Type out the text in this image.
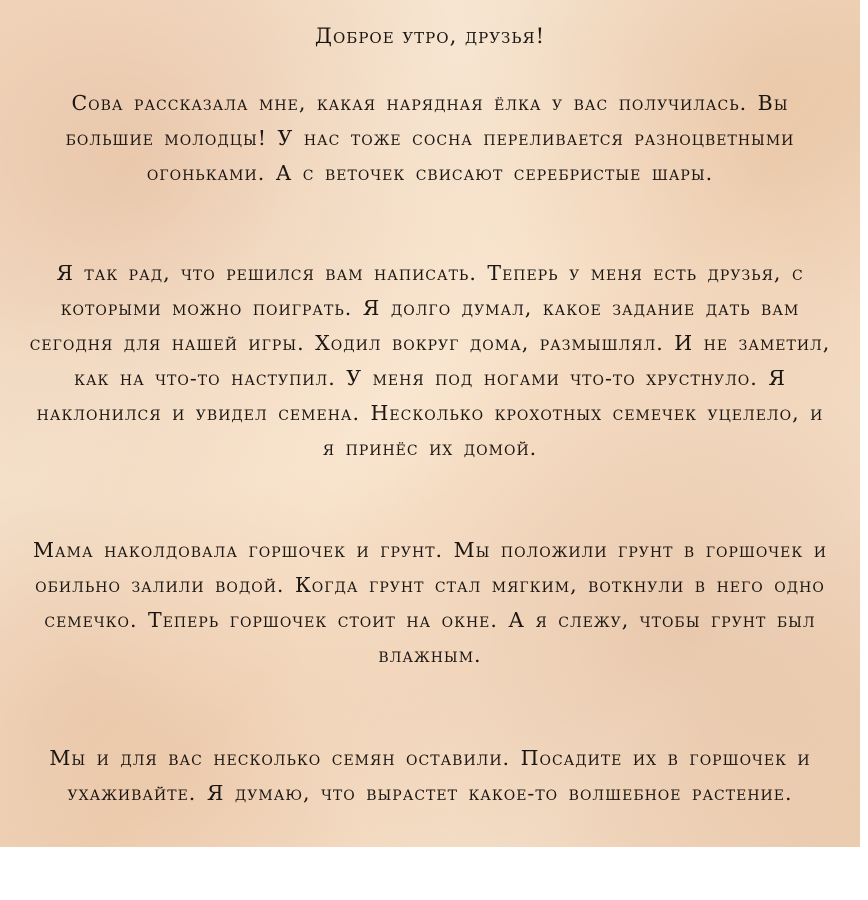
Доброе утро, друзья!
Сова рассказала мне, какая нарядная ёлка у вас получилась. Вы большие молодцы! У нас тоже сосна переливается разноцветными огоньками. А с веточек свисают серебристые шары.
Я так рад, что решился вам написать. Теперь у меня есть друзья, с которыми можно поиграть. Я долго думал, какое задание дать вам сегодня для нашей игры. Ходил вокруг дома, размышлял. И не заметил, как на что-то наступил. У меня под ногами что-то хрустнуло. Я наклонился и увидел семена. Несколько крохотных семечек уцелело, и я принёс их домой.
Мама наколдовала горшочек и грунт. Мы положили грунт в горшочек и обильно залили водой. Когда грунт стал мягким, воткнули в него одно семечко. Теперь горшочек стоит на окне. А я слежу, чтобы грунт был влажным.
Мы и для вас несколько семян оставили. Посадите их в горшочек и ухаживайте. Я думаю, что вырастет какое-то волшебное растение.
